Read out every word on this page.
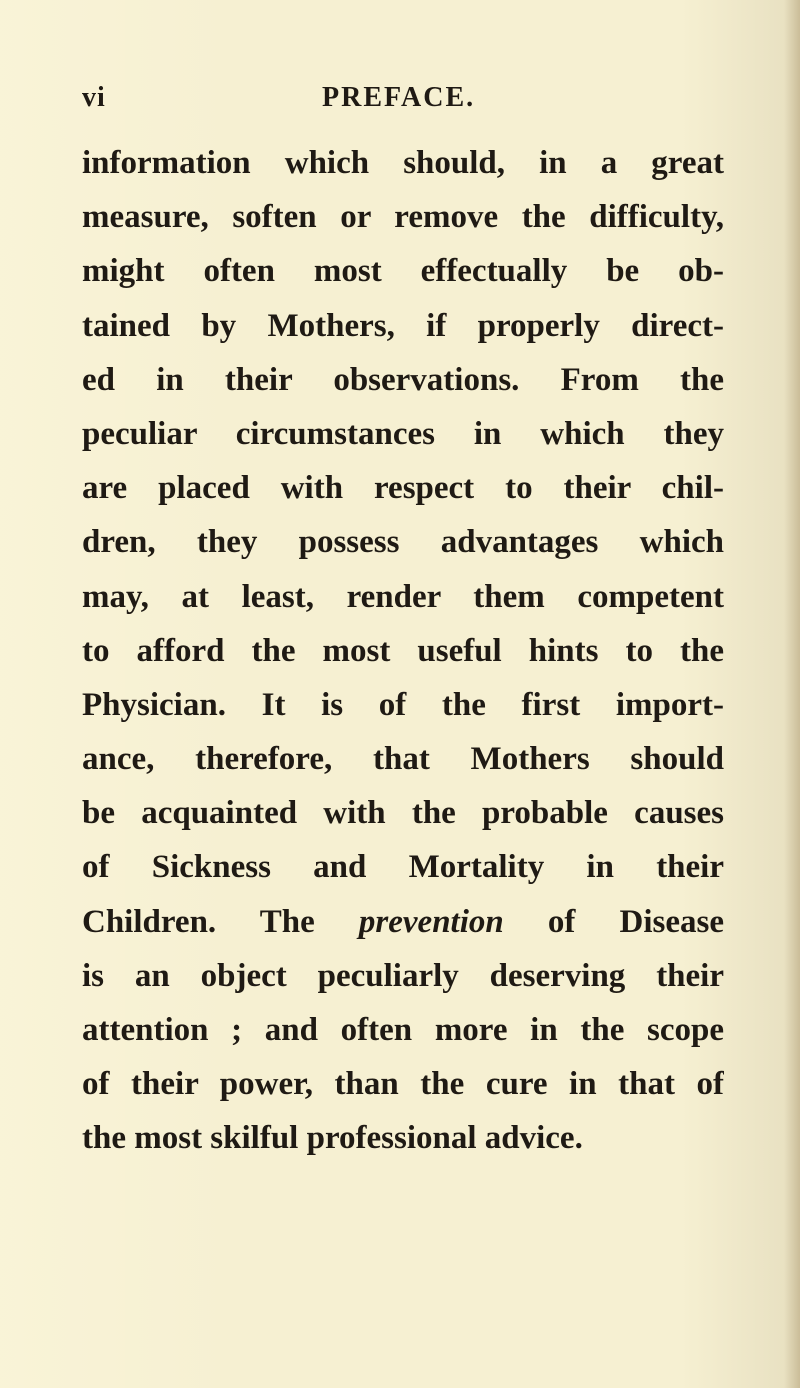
vi	PREFACE.
information which should, in a great
measure, soften or remove the difficulty,
might often most effectually be ob-
tained by Mothers, if properly direct-
ed in their observations. From the
peculiar circumstances in which they
are placed with respect to their chil-
dren, they possess advantages which
may, at least, render them competent
to afford the most useful hints to the
Physician. It is of the first import-
ance, therefore, that Mothers should
be acquainted with the probable causes
of Sickness and Mortality in their
Children. The prevention of Disease
is an object peculiarly deserving their
attention ; and often more in the scope
of their power, than the cure in that of
the most skilful professional advice.
